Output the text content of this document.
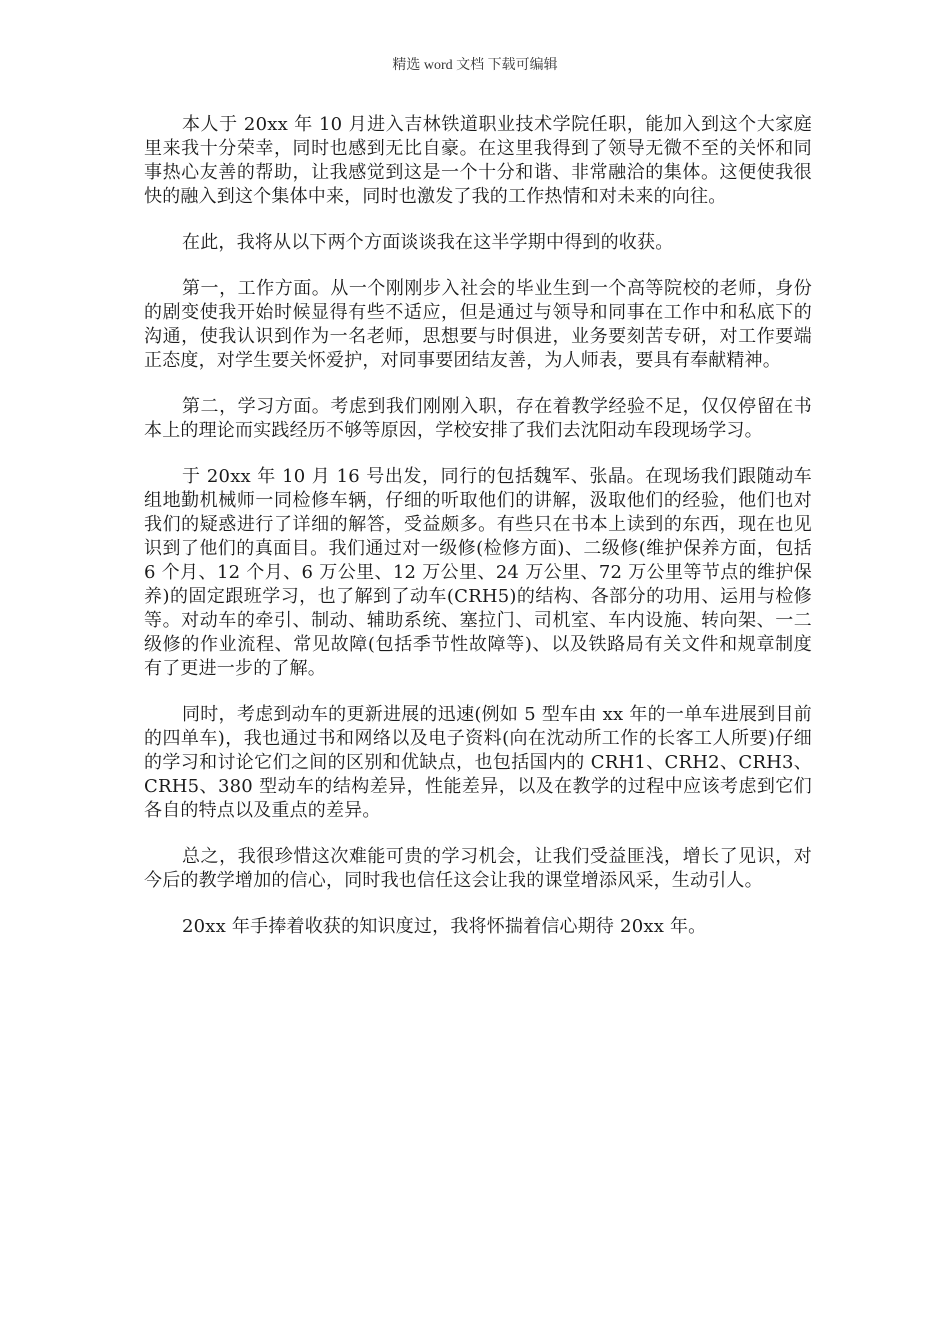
精选 word 文档 下载可编辑

本人于 20xx 年 10 月进入吉林铁道职业技术学院任职，能加入到这个大家庭里来我十分荣幸，同时也感到无比自豪。在这里我得到了领导无微不至的关怀和同事热心友善的帮助，让我感觉到这是一个十分和谐、非常融洽的集体。这便使我很快的融入到这个集体中来，同时也激发了我的工作热情和对未来的向往。

在此，我将从以下两个方面谈谈我在这半学期中得到的收获。

第一，工作方面。从一个刚刚步入社会的毕业生到一个高等院校的老师，身份的剧变使我开始时候显得有些不适应，但是通过与领导和同事在工作中和私底下的沟通，使我认识到作为一名老师，思想要与时俱进，业务要刻苦专研，对工作要端正态度，对学生要关怀爱护，对同事要团结友善，为人师表，要具有奉献精神。

第二，学习方面。考虑到我们刚刚入职，存在着教学经验不足，仅仅停留在书本上的理论而实践经历不够等原因，学校安排了我们去沈阳动车段现场学习。

于 20xx 年 10 月 16 号出发，同行的包括魏军、张晶。在现场我们跟随动车组地勤机械师一同检修车辆，仔细的听取他们的讲解，汲取他们的经验，他们也对我们的疑惑进行了详细的解答，受益颇多。有些只在书本上读到的东西，现在也见识到了他们的真面目。我们通过对一级修(检修方面)、二级修(维护保养方面，包括 6 个月、12 个月、6 万公里、12 万公里、24 万公里、72 万公里等节点的维护保养)的固定跟班学习，也了解到了动车(CRH5)的结构、各部分的功用、运用与检修等。对动车的牵引、制动、辅助系统、塞拉门、司机室、车内设施、转向架、一二级修的作业流程、常见故障(包括季节性故障等)、以及铁路局有关文件和规章制度有了更进一步的了解。

同时，考虑到动车的更新进展的迅速(例如 5 型车由 xx 年的一单车进展到目前的四单车)，我也通过书和网络以及电子资料(向在沈动所工作的长客工人所要)仔细的学习和讨论它们之间的区别和优缺点，也包括国内的 CRH1、CRH2、CRH3、CRH5、380 型动车的结构差异，性能差异，以及在教学的过程中应该考虑到它们各自的特点以及重点的差异。

总之，我很珍惜这次难能可贵的学习机会，让我们受益匪浅，增长了见识，对今后的教学增加的信心，同时我也信任这会让我的课堂增添风采，生动引人。

20xx 年手捧着收获的知识度过，我将怀揣着信心期待 20xx 年。
